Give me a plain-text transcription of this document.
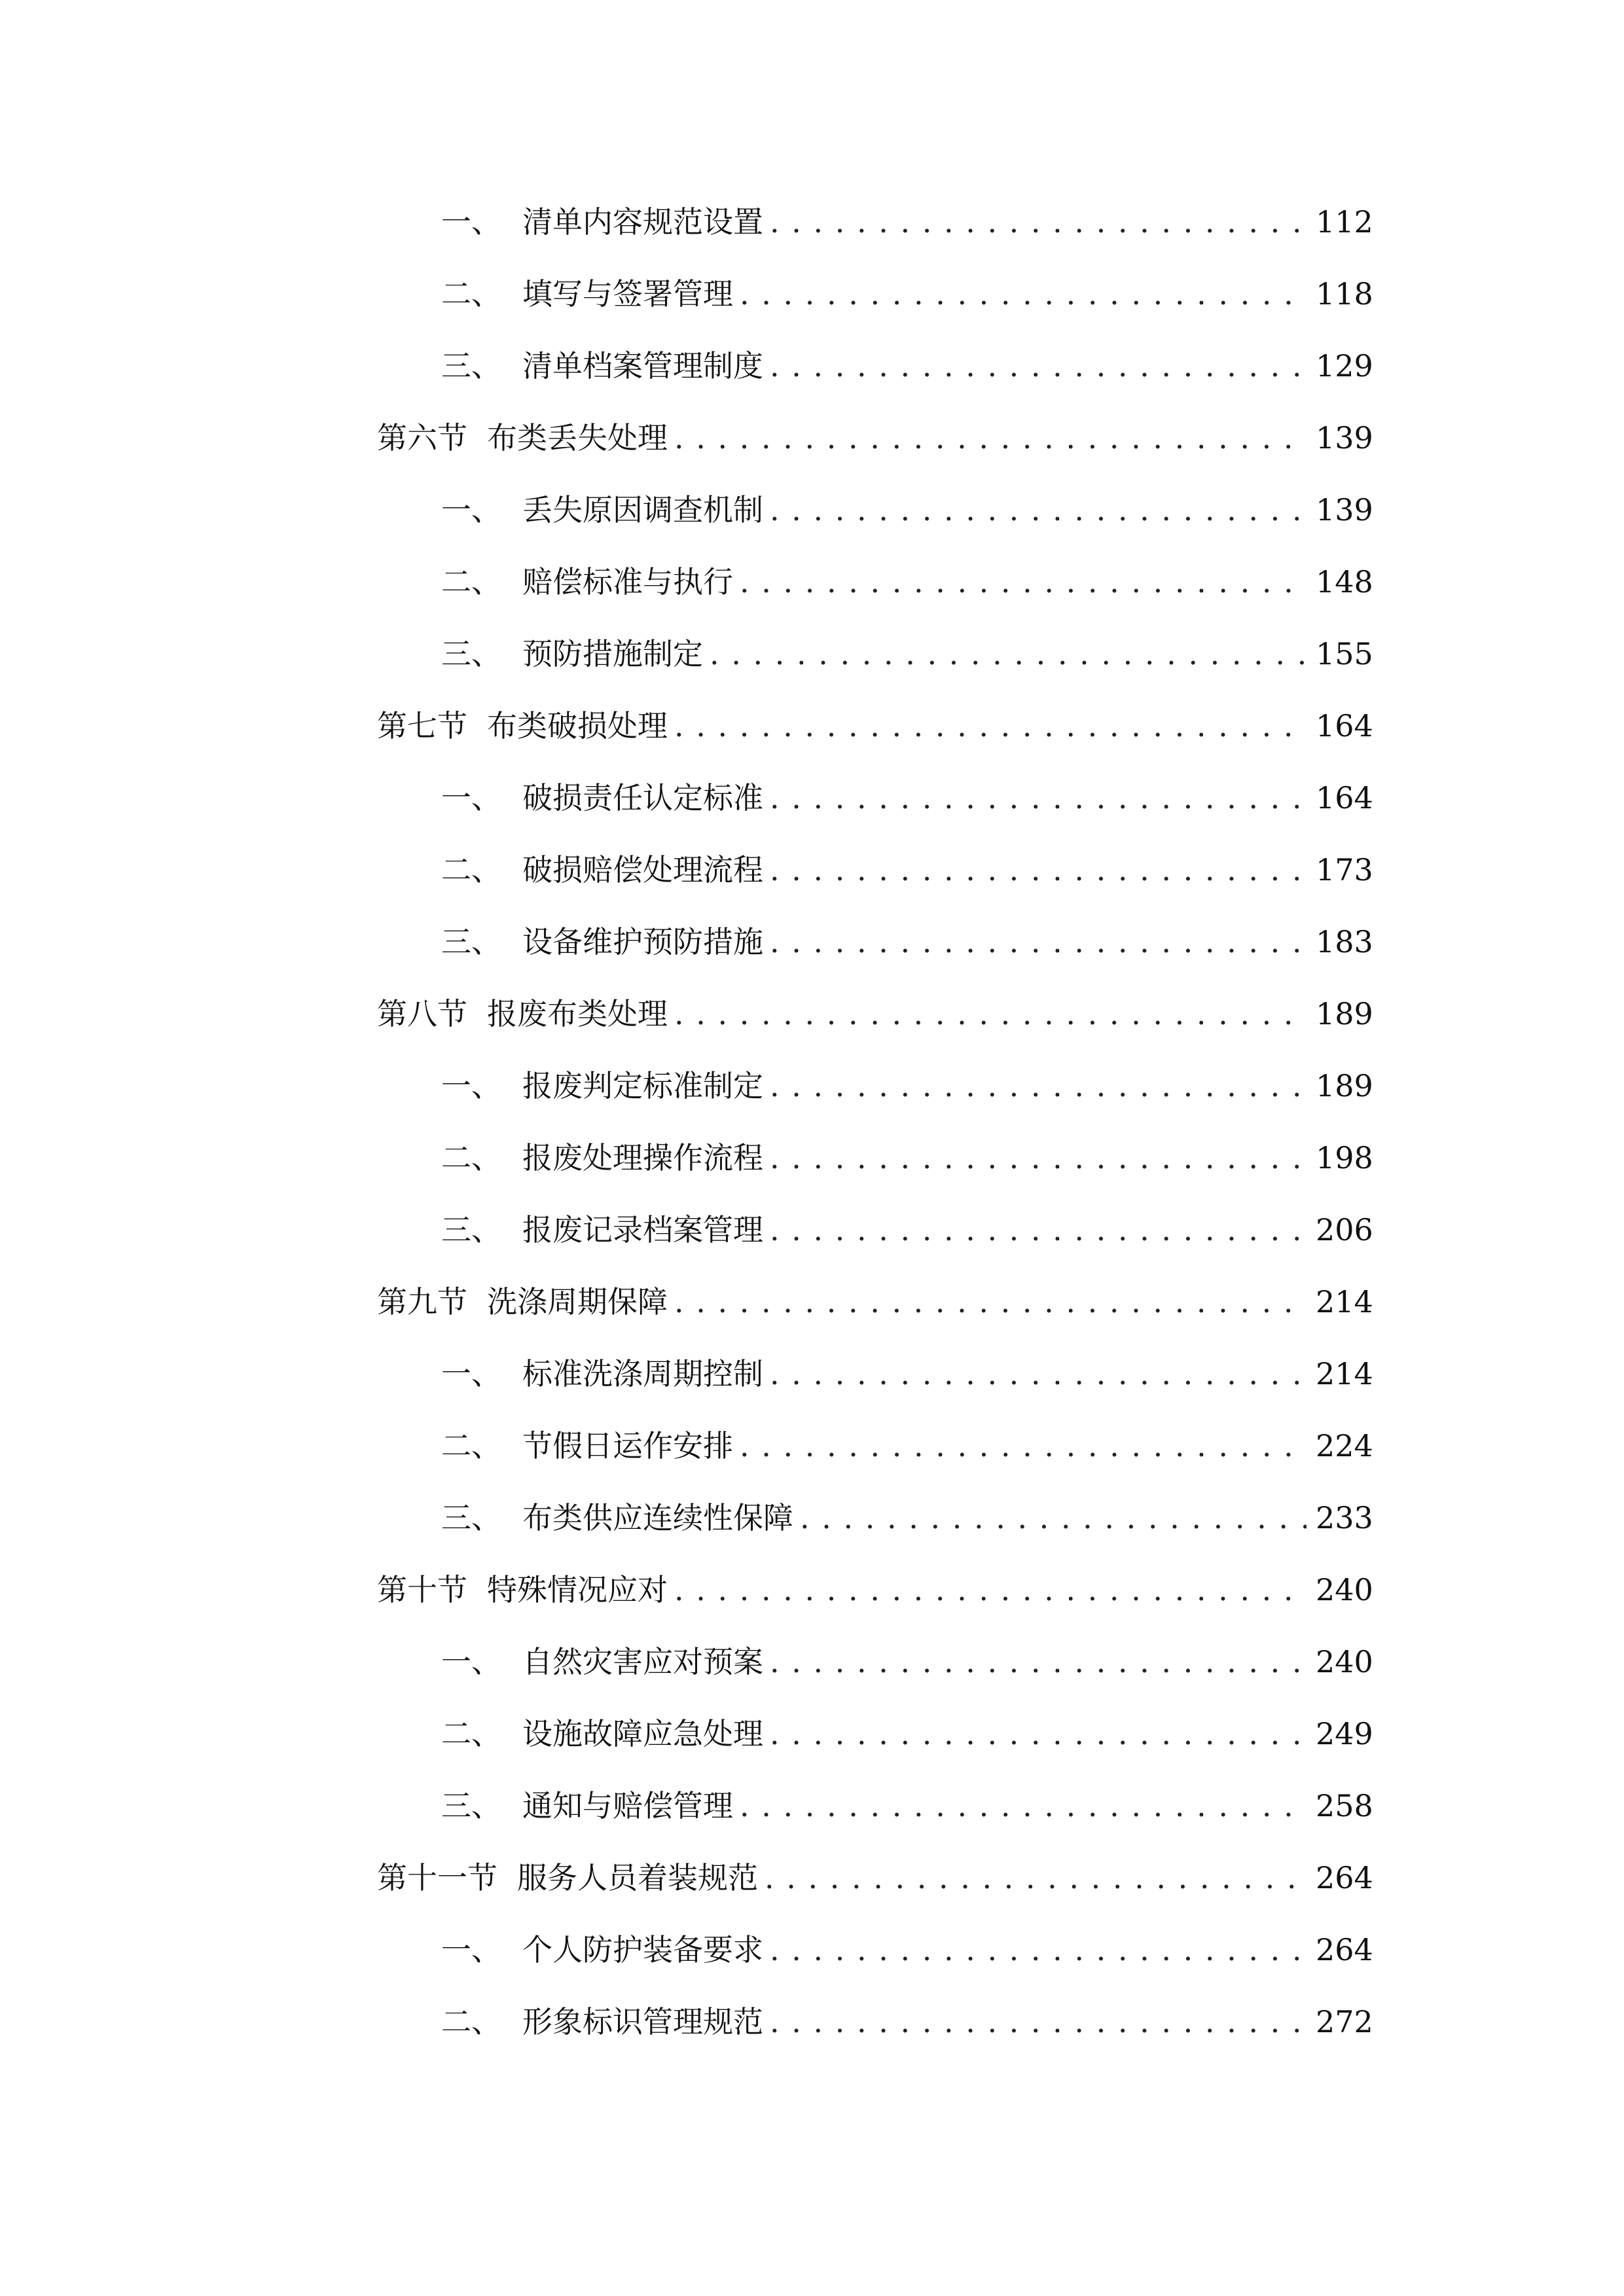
一、 清单内容规范设置 . . .	112
二、 填写与签署管理 . . .	118
三、 清单档案管理制度 . . .	129
第六节 布类丢失处理 . . .	139
一、 丢失原因调查机制 . . .	139
二、 赔偿标准与执行 . . .	148
三、 预防措施制定 . . .	155
第七节 布类破损处理 . . .	164
一、 破损责任认定标准 . . .	164
二、 破损赔偿处理流程 . . .	173
三、 设备维护预防措施 . . .	183
第八节 报废布类处理 . . .	189
一、 报废判定标准制定 . . .	189
二、 报废处理操作流程 . . .	198
三、 报废记录档案管理 . . .	206
第九节 洗涤周期保障 . . .	214
一、 标准洗涤周期控制 . . .	214
二、 节假日运作安排 . . .	224
三、 布类供应连续性保障 . . .	233
第十节 特殊情况应对 . . .	240
一、 自然灾害应对预案 . . .	240
二、 设施故障应急处理 . . .	249
三、 通知与赔偿管理 . . .	258
第十一节 服务人员着装规范 . . .	264
一、 个人防护装备要求 . . .	264
二、 形象标识管理规范 . . .	272
